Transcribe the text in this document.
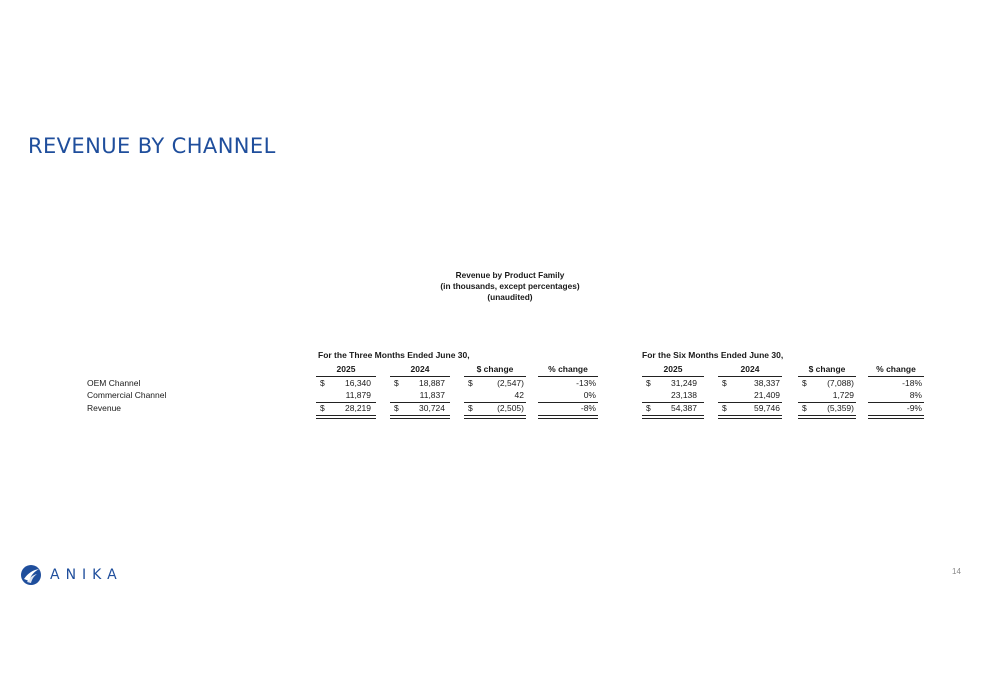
REVENUE BY CHANNEL
Revenue by Product Family
(in thousands, except percentages)
(unaudited)
For the Three Months Ended June 30,	For the Six Months Ended June 30,
2025	2024	$ change	% change	2025	2024	$ change	% change
OEM Channel	$	16,340	$	18,887	$	(2,547)	-13%	$	31,249	$	38,337	$	(7,088)	-18%
Commercial Channel	11,879	11,837	42	0%	23,138	21,409	1,729	8%
Revenue	$	28,219	$	30,724	$	(2,505)	-8%	$	54,387	$	59,746	$	(5,359)	-9%
ANIKA	14
